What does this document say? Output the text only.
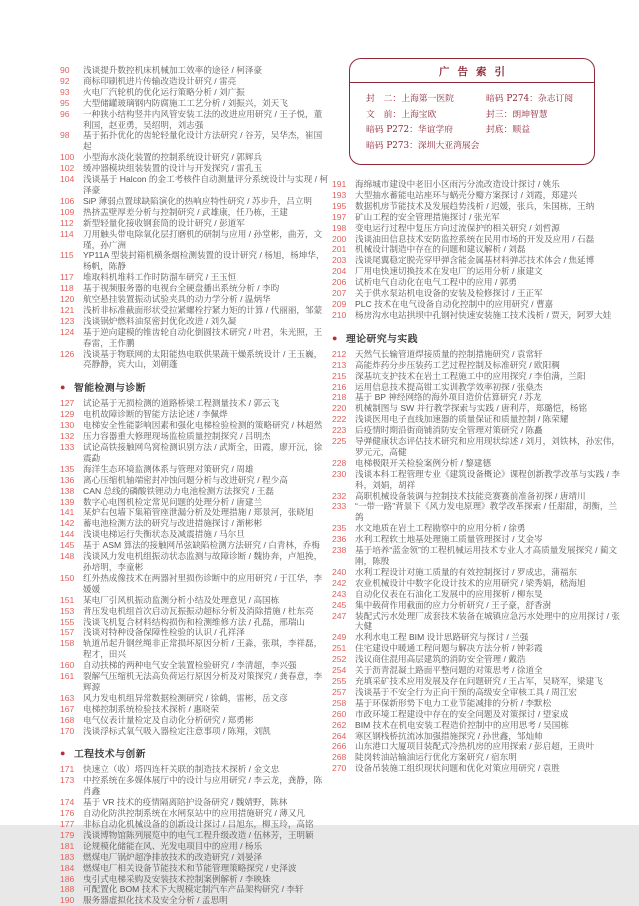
90 浅谈提升数控机床机械加工效率的途径 / 柯泽豪
92 商标印刷机进片传输改造设计研究 / 雷亮
93 火电厂汽轮机的优化运行策略分析 / 刘广振
95 大型储罐玻璃钢内防腐施工工艺分析 / 刘振兴，刘天飞
96 一种狭小结构竖井内风管安装工法的改进应用研究 / 王子悦，董利国，赵亚勇，吴绍明，刘志强
98 基于拓扑优化的齿轮轻量化设计方法研究 / 谷芳，吴华杰，崔国起
100 小型海水淡化装置的控制系统设计研究 / 郭辉兵
102 缓冲器模块组装装置的设计与开发探究 / 雷孔玉
104 浅谈基于 Halcon 的金工考核件自动测量评分系统设计与实现 / 柯泽豪
106 SiP 薄弱点置球缺陷演化的热响应特性研究 / 苏步升，吕立明
109 热挤盂壁厚差分析与控制研究 / 武雄康，任乃栋，王建
112 新型轻量化接收钢套筒的设计研究 / 彭道军
114 刀用触头带电除氧化层打磨机的研制与应用 / 孙堂彬，曲芳，文瑾，孙广洲
115 YP11A 型装封箱机横条烟检测装置的设计研究 / 杨旭，杨坤华，杨帆，陈静
117 堆取料机堆料工作时防溜车研究 / 王玉恒
118 基于视频服务器的电视台全硬盘播出系统分析 / 李昀
120 航空悬挂装置振动试验夹具的动力学分析 / 温炳华
121 浅析非标准截面形状受拉紧螺栓拧紧力矩的计算 / 代丽丽，邹蒙
123 浅谈锅炉燃料油泵密封优化改进 / 刘久凝
124 基于逆向建模的锥齿轮自动化倒圆技术研究 / 叶君，朱光照，王春雷，王作鹏
126 浅谈基于物联网的太阳能热电联供果蔬干燥系统设计 / 王玉巍，亮静静，宾大山，刘朝蓬
● 智能检测与诊断
127 试论基于无损检测的道路桥梁工程测量技术 / 郭云飞
129 电机故障诊断的智能方法论述 / 李佩烨
130 电梯安全性能影响因素和强化电梯检验检测的策略研究 / 林超然
132 压力容器重大修理现场监检质量控制探究 / 吕明杰
133 试论高铁接触网鸟窝检测识别方法 / 武斯全，田霞，廖开沅，徐震勐
135 海洋生态环境监测体系与管理对策研究 / 周雄
136 离心压缩机轴端密封冲蚀问题分析与改进研究 / 程少高
138 CAN 总线的磷酸铁锂动力电池检测方法探究 / 王磊
139 数字心电图机检定常见问题的处理分析 / 唐建兰
141 某炉右包墙下集箱管座泄漏分析及处理措施 / 郑景河，张晓旭
142 蓄电池检测方法的研究与改进措施探讨 / 渐彬彬
144 浅谈电梯运行失衡状态及减震措施 / 马尔旦
145 基于 ASM 算法的接触网吊弦缺陷检测方法研究 / 白青林，乔梅
148 浅谈风力发电机组振动状态监测与故障诊断 / 魏协奔，卢旭挽，孙培明，李童彬
150 红外热成像技术在两器衬里损伤诊断中的应用研究 / 于江华，李媛媛
151 某电厂引风机振动监测分析小结及处理意见 / 高国栋
153 背压发电机组首次启动瓦振振动超标分析及消除措施 / 杜东亮
155 浅谈飞机复合材料结构损伤和检测维修方法 / 孔磊，邢瑞山
157 浅谈对特种设备保障性检验的认识 / 孔祥泽
158 轨道吊起升钢丝绳非正常损坏原因分析 / 王淼，张琪，李祥磊，程才，田兴
160 自动扶梯的两种电气安全装置检验研究 / 李清超，李兴强
161 裂解气压缩机无法高负荷运行原因分析及对策探究 / 龚春意，李辉源
163 风力发电机组异常数据检测研究 / 徐鹤，雷彬，岳文彦
167 电梯控制系统检验技术探析 / 惠晓荣
168 电气仪表计量检定及自动化分析研究 / 郑勇彬
170 浅谈浮标式氧气吸入器检定注意事项 / 陈翔，刘凯
● 工程技术与创新
171 快速立（收）塔四连杆关联的制造技术探析 / 金文忠
173 中控系统在多媒体展厅中的设计与应用研究 / 李云龙，龚静，陈肖鑫
174 基于 VR 技术的疫情隔离陪护设备研究 / 魏婧野，陈林
176 自动化防洪控制系统在水闸泵站中的应用措施研究 / 薄又凡
177 非标自动化机械设备的创新设计探讨 / 吕旭东，柳玉玲，高铭
179 浅谈博物馆陈列展览中的电气工程升级改造 / 伍林芳，王明颖
181 论规模化储能在风、光发电项目中的应用 / 杨乐
183 燃煤电厂锅炉超净排放技术的改造研究 / 刘晏泽
184 燃煤电厂相关设备节能技术和节能管理策略探究 / 史泽波
186 曳引式电梯采购及安装技术控制案例解析 / 李映姝
188 可配置化 BOM 技术下大规模定制汽车产品架构研究 / 李轩
190 服务器虚拟化技术及安全分析 / 孟思明
广告索引
封　二：上海第一医院	暗码 P274：杂志订阅
文　前：上海宝欧	封三：朗坤智慧
暗码 P272：华谊学府	封底：顺益
暗码 P273：深圳大亚湾展会
191 海绵城市建设中老旧小区雨污分流改造设计探讨 / 姚乐
193 大型抽水蓄能电站座环与蜗壳分瓣方案探讨 / 刘霞，郑建兴
195 数据机房节能技术及发展趋势浅析 / 迟媛，张兵，朱国栋，王纳
197 矿山工程的安全管理措施探讨 / 张光军
198 变电运行过程中复压方向过流保护的相关研究 / 刘哲源
200 浅谈油田信息技术安防监控系统在民用市场的开发及应用 / 石磊
201 机械设计制造中存在的问题和建议解析 / 刘磊
203 浅谈尾翼稳定脱壳穿甲弹含能金属基材料弹芯技术体会 / 焦延博
204 厂用电快速切换技术在发电厂的运用分析 / 康建文
206 试析电气自动化在电气工程中的应用 / 郭勇
207 关于供水泵站机电设备的安装及检修探讨 / 王正军
209 PLC 技术在电气设备自动化控制中的应用研究 / 曹嘉
210 杨房沟水电站拱坝中孔钢衬快速安装施工技术浅析 / 贾天，阿罗大娃
● 理论研究与实践
212 天然气长输管道焊接质量的控制措施研究 / 袁常轩
213 高能炸药分步压装药工艺过程控制及标准研究 / 欧阳稠
215 深基坑支护技术在岩土工程施工中的应用探究 / 李伯满，兰阳
216 运用信息技术提高钳工实训教学效率初探 / 张燊杰
218 基于 BP 神经网络的海外项目造价估算研究 / 苏龙
220 机械制图与 SW 并行教学探索与实践 / 唐利芹，郑璐恺，杨铭
222 浅谈医用电子直线加速器的质量保证和质量控制 / 陈荣耀
223 后疫情时期沿街商铺消防安全管理对策研究 / 陈矗
225 导弹健康状态评估技术研究和应用现状综述 / 刘月，刘铁林，孙宏伟，罗元元，高健
228 电梯极限开关检验案例分析 / 黎建德
230 浅谈本科工程管理专业《建筑设备概论》课程创新教学改革与实践 / 李科，刘娟，胡祥
232 高职机械设备装调与控制技术技能竞赛赛前准备初探 / 唐靖川
233 “一带一路”背景下《风力发电原理》教学改革探索 / 任甜甜，胡衡，兰鸽
235 水文地质在岩土工程勘察中的应用分析 / 徐勇
236 水利工程软土地基处理施工质量管理探讨 / 艾金岑
238 基于培养“蓝金领”的工程机械运用技术专业人才高质量发展探究 / 蔺文刚，陈殷
240 水利工程设计对施工质量的有效控制探讨 / 罗成忠，蒲福东
242 农业机械设计中数字化设计技术的应用研究 / 梁秀娟，嵇海旭
243 自动化仪表在石油化工发展中的应用探析 / 柳东旻
245 集中载荷作用截面的应力分析研究 / 王子豪，舒香澍
247 装配式污水处理厂成套技术装备在城镇应急污水处理中的应用探讨 / 张大健
249 水利水电工程 BIM 设计思路研究与探讨 / 兰强
251 住宅建设中暖通工程问题与解决方法分析 / 钟彩霞
252 浅议商住混用高层建筑的消防安全管理 / 戴浩
254 关于沥青混凝土路面平整问题的对策思考 / 徐道全
255 充填采矿技术应用发展及存在问题研究 / 王占军，吴晓军，梁建飞
257 浅谈基于不安全行为正向干预的高级安全审核工具 / 周江宏
258 基于环保新形势下电力工业节能减排的分析 / 李默松
260 市政环境工程建设中存在的安全问题及对策探讨 / 望家成
262 BIM 技术在机电安装工程造价控制中的应用思考 / 吴国栋
264 寒区钢栈桥抗流冰加强措施探究 / 孙世鑫，邹灿帅
266 山东港口大厦项目装配式冷热机房的应用探索 / 彭启超，王贵叶
268 陡岗转油站输油运行优化方案研究 / 宿东明
270 设备吊装施工组织现状问题和优化对策应用研究 / 袁胜
